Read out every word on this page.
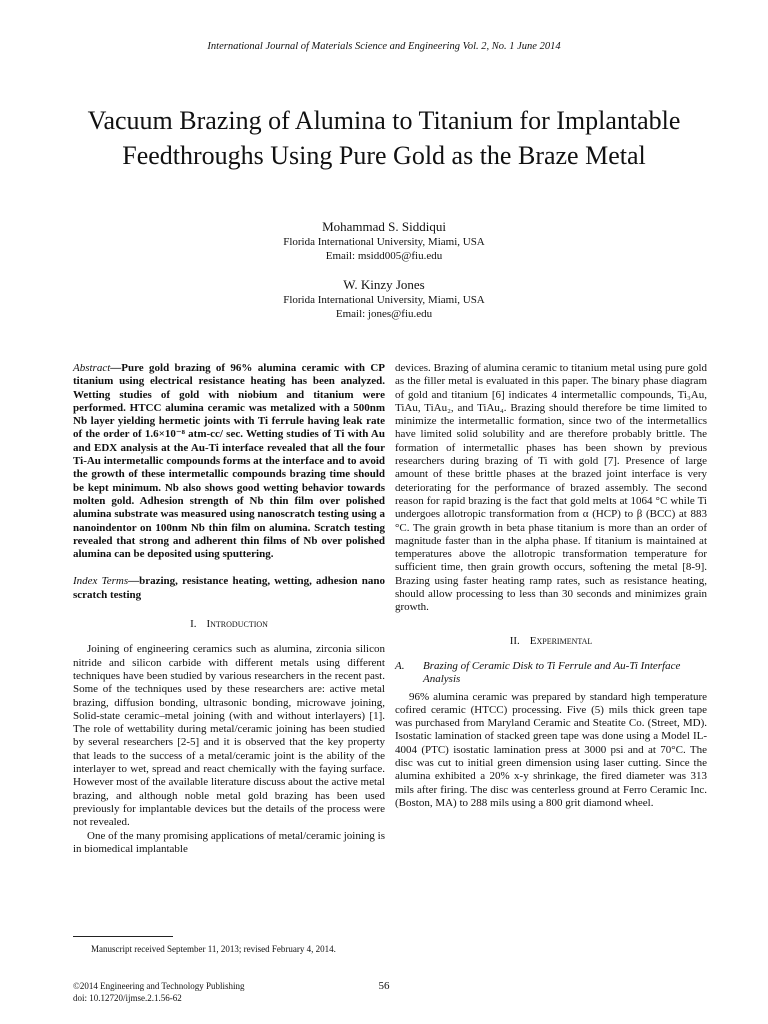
International Journal of Materials Science and Engineering Vol. 2, No. 1 June 2014
Vacuum Brazing of Alumina to Titanium for Implantable Feedthroughs Using Pure Gold as the Braze Metal
Mohammad S. Siddiqui
Florida International University, Miami, USA
Email: msidd005@fiu.edu
W. Kinzy Jones
Florida International University, Miami, USA
Email: jones@fiu.edu

Abstract—Pure gold brazing of 96% alumina ceramic with CP titanium using electrical resistance heating has been analyzed. Wetting studies of gold with niobium and titanium were performed. HTCC alumina ceramic was metalized with a 500nm Nb layer yielding hermetic joints with Ti ferrule having leak rate of the order of 1.6×10⁻⁸ atm-cc/ sec. Wetting studies of Ti with Au and EDX analysis at the Au-Ti interface revealed that all the four Ti-Au intermetallic compounds forms at the interface and to avoid the growth of these intermetallic compounds brazing time should be kept minimum. Nb also shows good wetting behavior towards molten gold. Adhesion strength of Nb thin film over polished alumina substrate was measured using nanoscratch testing using a nanoindentor on 100nm Nb thin film on alumina. Scratch testing revealed that strong and adherent thin films of Nb over polished alumina can be deposited using sputtering.

Index Terms—brazing, resistance heating, wetting, adhesion nano scratch testing

I. Introduction

Joining of engineering ceramics such as alumina, zirconia silicon nitride and silicon carbide with different metals using different techniques have been studied by various researchers in the recent past. Some of the techniques used by these researchers are: active metal brazing, diffusion bonding, ultrasonic bonding, microwave joining, Solid-state ceramic–metal joining (with and without interlayers) [1]. The role of wettability during metal/ceramic joining has been studied by several researchers [2-5] and it is observed that the key property that leads to the success of a metal/ceramic joint is the ability of the interlayer to wet, spread and react chemically with the faying surface. However most of the available literature discuss about the active metal brazing, and although noble metal gold brazing has been used previously for implantable devices but the details of the process were not revealed.

One of the many promising applications of metal/ceramic joining is in biomedical implantable

devices. Brazing of alumina ceramic to titanium metal using pure gold as the filler metal is evaluated in this paper. The binary phase diagram of gold and titanium [6] indicates 4 intermetallic compounds, Ti₃Au, TiAu, TiAu₂, and TiAu₄. Brazing should therefore be time limited to minimize the intermetallic formation, since two of the intermetallics have limited solid solubility and are therefore probably brittle. The formation of intermetallic phases has been shown by previous researchers during brazing of Ti with gold [7]. Presence of large amount of these brittle phases at the brazed joint interface is very deteriorating for the performance of brazed assembly. The second reason for rapid brazing is the fact that gold melts at 1064 °C while Ti undergoes allotropic transformation from α (HCP) to β (BCC) at 883 °C. The grain growth in beta phase titanium is more than an order of magnitude faster than in the alpha phase. If titanium is maintained at temperatures above the allotropic transformation temperature for sufficient time, then grain growth occurs, softening the metal [8-9]. Brazing using faster heating ramp rates, such as resistance heating, should allow processing to less than 30 seconds and minimizes grain growth.

II. Experimental
A. Brazing of Ceramic Disk to Ti Ferrule and Au-Ti Interface Analysis

96% alumina ceramic was prepared by standard high temperature cofired ceramic (HTCC) processing. Five (5) mils thick green tape was purchased from Maryland Ceramic and Steatite Co. (Street, MD). Isostatic lamination of stacked green tape was done using a Model IL-4004 (PTC) isostatic lamination press at 3000 psi and at 70°C. The disc was cut to initial green dimension using laser cutting. Since the alumina exhibited a 20% x-y shrinkage, the fired diameter was 313 mils after firing. The disc was centerless ground at Ferro Ceramic Inc. (Boston, MA) to 288 mils using a 800 grit diamond wheel.

Manuscript received September 11, 2013; revised February 4, 2014.
©2014 Engineering and Technology Publishing
doi: 10.12720/ijmse.2.1.56-62
56
